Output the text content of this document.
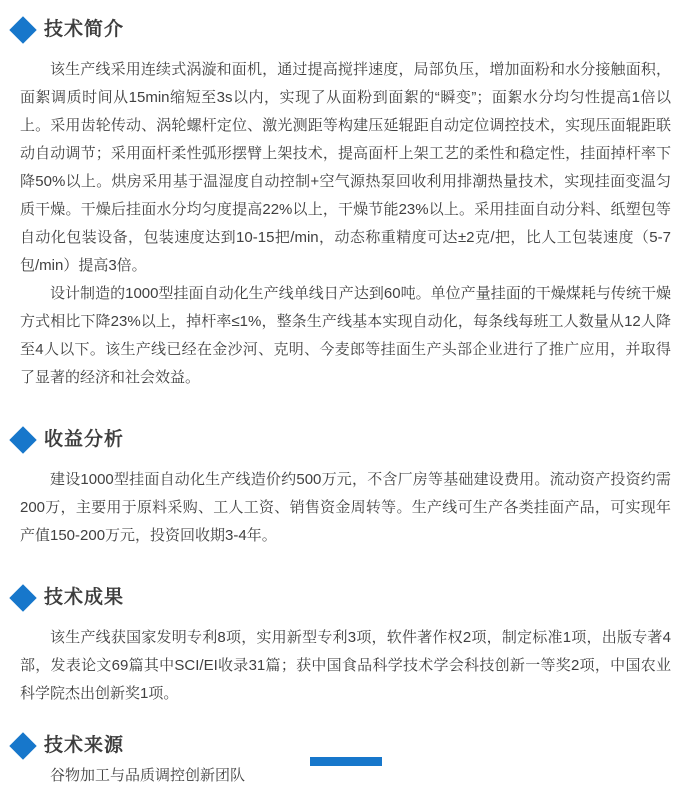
技术简介

该生产线采用连续式涡漩和面机，通过提高搅拌速度，局部负压，增加面粉和水分接触面积，面絮调质时间从15min缩短至3s以内，实现了从面粉到面絮的“瞬变”；面絮水分均匀性提高1倍以上。采用齿轮传动、涡轮螺杆定位、激光测距等构建压延辊距自动定位调控技术，实现压面辊距联动自动调节；采用面杆柔性弧形摆臂上架技术，提高面杆上架工艺的柔性和稳定性，挂面掉杆率下降50%以上。烘房采用基于温湿度自动控制+空气源热泵回收利用排潮热量技术，实现挂面变温匀质干燥。干燥后挂面水分均匀度提高22%以上，干燥节能23%以上。采用挂面自动分料、纸塑包等自动化包装设备，包装速度达到10-15把/min，动态称重精度可达±2克/把，比人工包装速度（5-7包/min）提高3倍。

设计制造的1000型挂面自动化生产线单线日产达到60吨。单位产量挂面的干燥煤耗与传统干燥方式相比下降23%以上，掉杆率≤1%，整条生产线基本实现自动化，每条线每班工人数量从12人降至4人以下。该生产线已经在金沙河、克明、今麦郎等挂面生产头部企业进行了推广应用，并取得了显著的经济和社会效益。

收益分析

建设1000型挂面自动化生产线造价约500万元，不含厂房等基础建设费用。流动资产投资约需200万，主要用于原料采购、工人工资、销售资金周转等。生产线可生产各类挂面产品，可实现年产值150-200万元，投资回收期3-4年。

技术成果

该生产线获国家发明专利8项，实用新型专利3项，软件著作权2项，制定标准1项，出版专著4部，发表论文69篇其中SCI/EI收录31篇；获中国食品科学技术学会科技创新一等奖2项，中国农业科学院杰出创新奖1项。

技术来源

谷物加工与品质调控创新团队
